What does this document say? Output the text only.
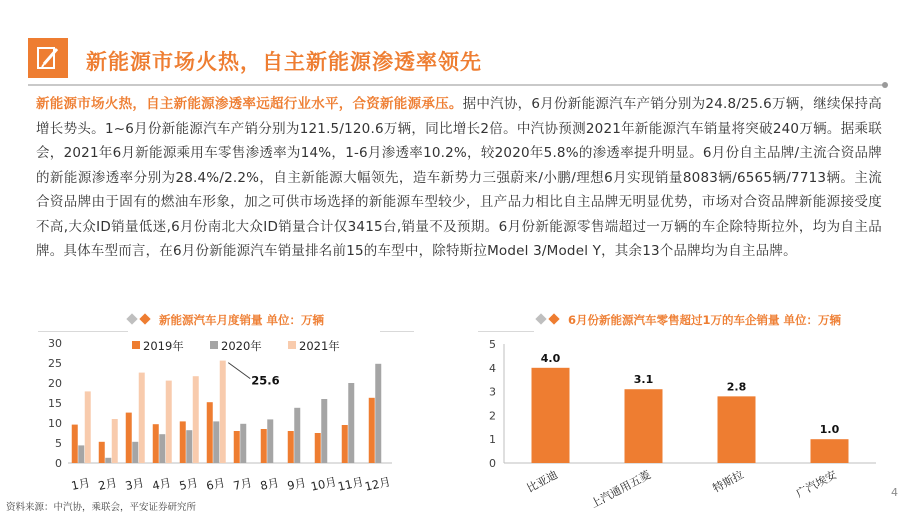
新能源市场火热，自主新能源渗透率领先
新能源市场火热，自主新能源渗透率远超行业水平，合资新能源承压。据中汽协，6月份新能源汽车产销分别为24.8/25.6万辆，继续保持高增长势头。1~6月份新能源汽车产销分别为121.5/120.6万辆，同比增长2倍。中汽协预测2021年新能源汽车销量将突破240万辆。据乘联会，2021年6月新能源乘用车零售渗透率为14%，1-6月渗透率10.2%，较2020年5.8%的渗透率提升明显。6月份自主品牌/主流合资品牌的新能源渗透率分别为28.4%/2.2%，自主新能源大幅领先，造车新势力三强蔚来/小鹏/理想6月实现销量8083辆/6565辆/7713辆。主流合资品牌由于固有的燃油车形象，加之可供市场选择的新能源车型较少，且产品力相比自主品牌无明显优势，市场对合资品牌新能源接受度不高,大众ID销量低迷,6月份南北大众ID销量合计仅3415台,销量不及预期。6月份新能源零售端超过一万辆的车企除特斯拉外，均为自主品牌。具体车型而言，在6月份新能源汽车销量排名前15的车型中，除特斯拉Model 3/Model Y，其余13个品牌均为自主品牌。
新能源汽车月度销量 单位：万辆	6月份新能源汽车零售超过1万的车企销量 单位：万辆
0
5
10
15
20
25
30
1月 2月 3月 4月 5月 6月 7月 8月 9月 10月
11月
12月
2019年	2020年	2021年
25.6
0
1
2
3
4
5
4.0
比亚迪
3.1
上汽通用五菱
2.8
特斯拉
1.0
广汽埃安
资料来源：中汽协，乘联会，平安证券研究所
4
